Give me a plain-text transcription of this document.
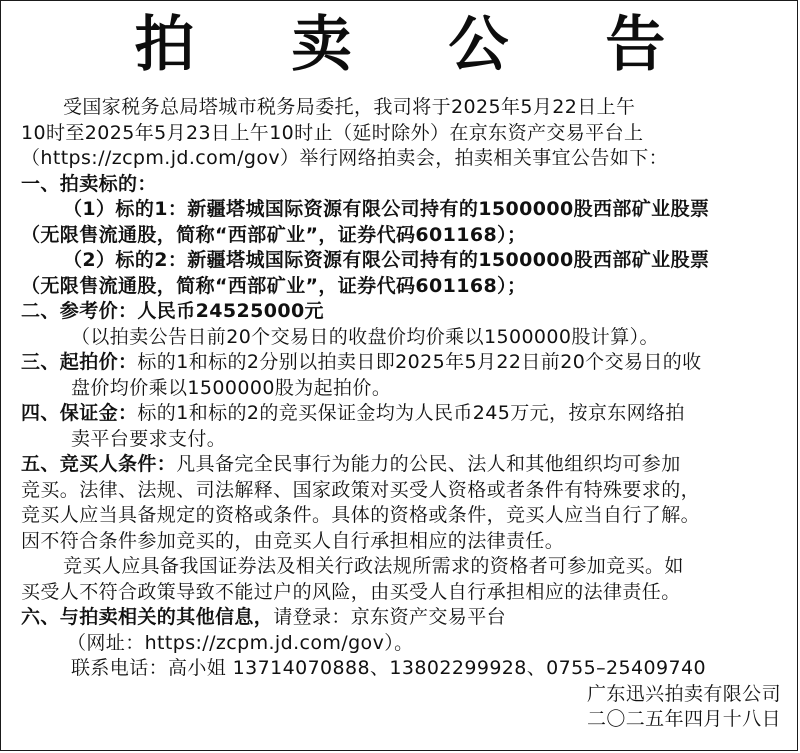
拍 卖 公 告
受国家税务总局塔城市税务局委托，我司将于2025年5月22日上午
10时至2025年5月23日上午10时止（延时除外）在京东资产交易平台上
（https://zcpm.jd.com/gov）举行网络拍卖会，拍卖相关事宜公告如下：
一、拍卖标的：
（1）标的1：新疆塔城国际资源有限公司持有的1500000股西部矿业股票
（无限售流通股，简称“西部矿业”，证券代码601168）；
（2）标的2：新疆塔城国际资源有限公司持有的1500000股西部矿业股票
（无限售流通股，简称“西部矿业”，证券代码601168）；
二、参考价：人民币24525000元
（以拍卖公告日前20个交易日的收盘价均价乘以1500000股计算）。
三、起拍价：标的1和标的2分别以拍卖日即2025年5月22日前20个交易日的收
盘价均价乘以1500000股为起拍价。
四、保证金：标的1和标的2的竞买保证金均为人民币245万元，按京东网络拍
卖平台要求支付。
五、竞买人条件：凡具备完全民事行为能力的公民、法人和其他组织均可参加
竞买。法律、法规、司法解释、国家政策对买受人资格或者条件有特殊要求的，
竞买人应当具备规定的资格或条件。具体的资格或条件，竞买人应当自行了解。
因不符合条件参加竞买的，由竞买人自行承担相应的法律责任。
竞买人应具备我国证券法及相关行政法规所需求的资格者可参加竞买。如
买受人不符合政策导致不能过户的风险，由买受人自行承担相应的法律责任。
六、与拍卖相关的其他信息，请登录：京东资产交易平台
（网址：https://zcpm.jd.com/gov）。
联系电话：高小姐 13714070888、13802299928、0755–25409740
广东迅兴拍卖有限公司
二〇二五年四月十八日
